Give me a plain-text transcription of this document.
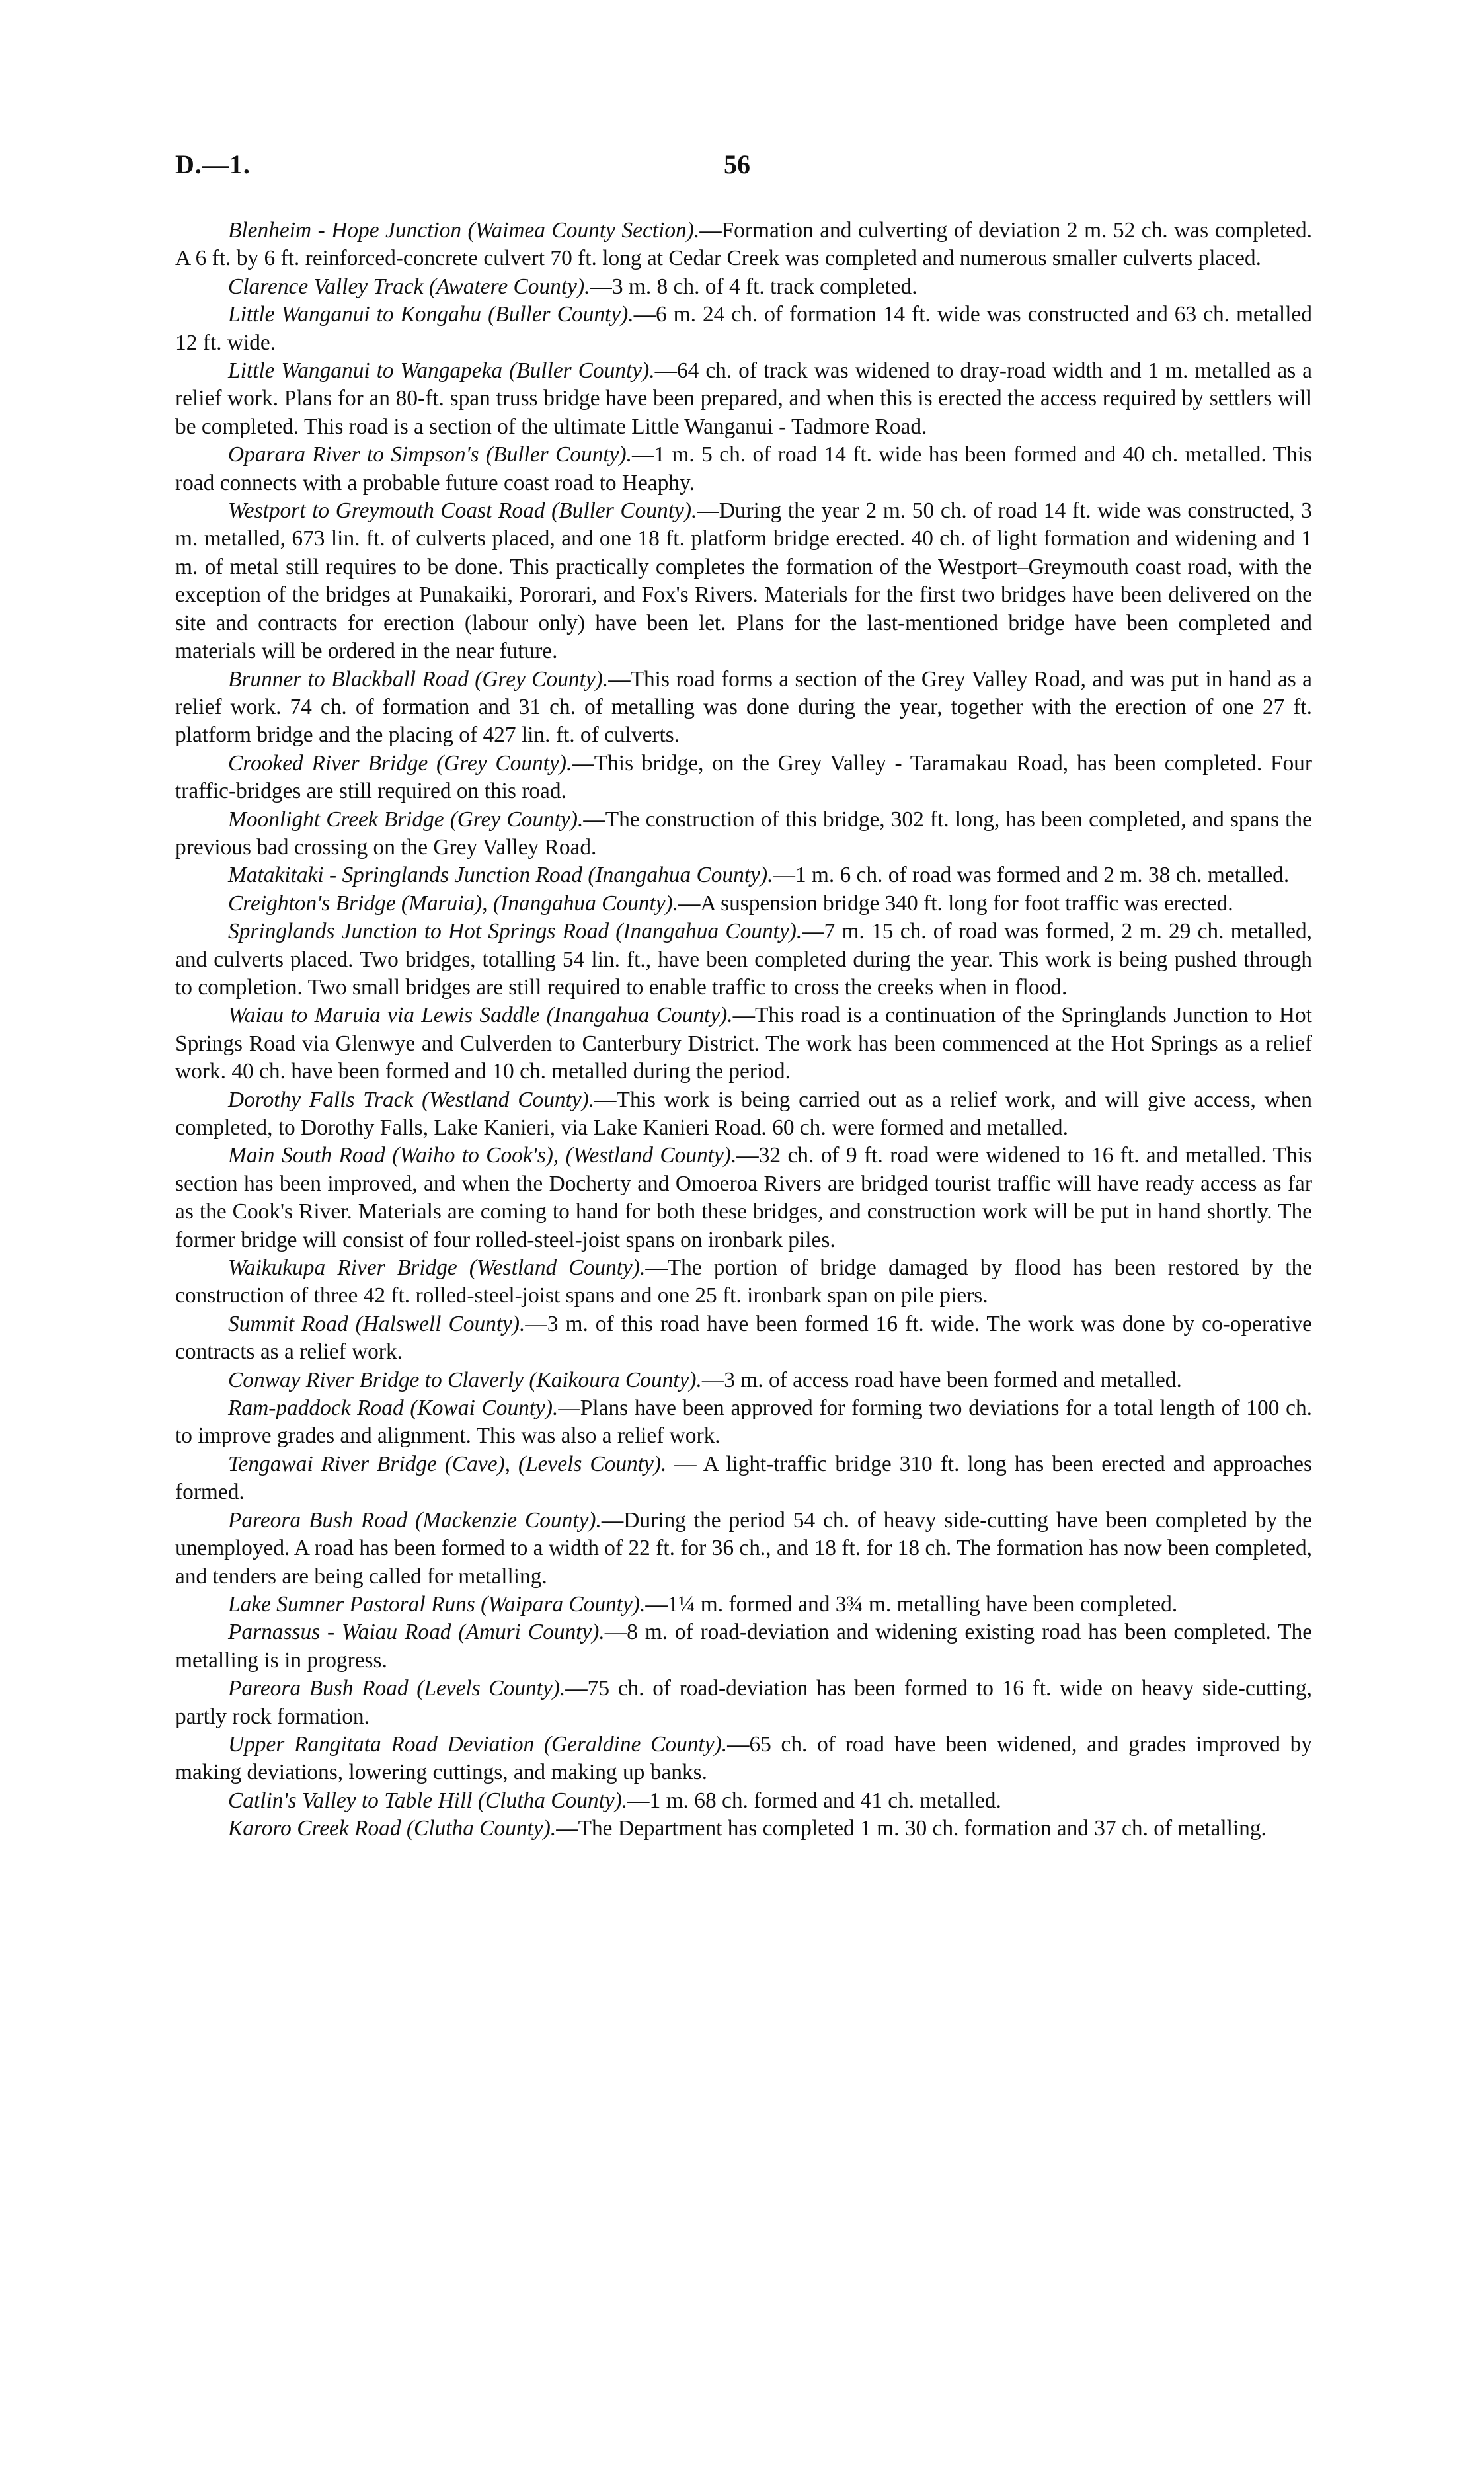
D.—1.	56

Blenheim - Hope Junction (Waimea County Section).—Formation and culverting of deviation 2 m. 52 ch. was completed. A 6 ft. by 6 ft. reinforced-concrete culvert 70 ft. long at Cedar Creek was completed and numerous smaller culverts placed.

Clarence Valley Track (Awatere County).—3 m. 8 ch. of 4 ft. track completed.

Little Wanganui to Kongahu (Buller County).—6 m. 24 ch. of formation 14 ft. wide was constructed and 63 ch. metalled 12 ft. wide.

Little Wanganui to Wangapeka (Buller County).—64 ch. of track was widened to dray-road width and 1 m. metalled as a relief work. Plans for an 80-ft. span truss bridge have been prepared, and when this is erected the access required by settlers will be completed. This road is a section of the ultimate Little Wanganui - Tadmore Road.

Oparara River to Simpson's (Buller County).—1 m. 5 ch. of road 14 ft. wide has been formed and 40 ch. metalled. This road connects with a probable future coast road to Heaphy.

Westport to Greymouth Coast Road (Buller County).—During the year 2 m. 50 ch. of road 14 ft. wide was constructed, 3 m. metalled, 673 lin. ft. of culverts placed, and one 18 ft. platform bridge erected. 40 ch. of light formation and widening and 1 m. of metal still requires to be done. This practically completes the formation of the Westport–Greymouth coast road, with the exception of the bridges at Punakaiki, Pororari, and Fox's Rivers. Materials for the first two bridges have been delivered on the site and contracts for erection (labour only) have been let. Plans for the last-mentioned bridge have been completed and materials will be ordered in the near future.

Brunner to Blackball Road (Grey County).—This road forms a section of the Grey Valley Road, and was put in hand as a relief work. 74 ch. of formation and 31 ch. of metalling was done during the year, together with the erection of one 27 ft. platform bridge and the placing of 427 lin. ft. of culverts.

Crooked River Bridge (Grey County).—This bridge, on the Grey Valley - Taramakau Road, has been completed. Four traffic-bridges are still required on this road.

Moonlight Creek Bridge (Grey County).—The construction of this bridge, 302 ft. long, has been completed, and spans the previous bad crossing on the Grey Valley Road.

Matakitaki - Springlands Junction Road (Inangahua County).—1 m. 6 ch. of road was formed and 2 m. 38 ch. metalled.

Creighton's Bridge (Maruia), (Inangahua County).—A suspension bridge 340 ft. long for foot traffic was erected.

Springlands Junction to Hot Springs Road (Inangahua County).—7 m. 15 ch. of road was formed, 2 m. 29 ch. metalled, and culverts placed. Two bridges, totalling 54 lin. ft., have been completed during the year. This work is being pushed through to completion. Two small bridges are still required to enable traffic to cross the creeks when in flood.

Waiau to Maruia via Lewis Saddle (Inangahua County).—This road is a continuation of the Springlands Junction to Hot Springs Road via Glenwye and Culverden to Canterbury District. The work has been commenced at the Hot Springs as a relief work. 40 ch. have been formed and 10 ch. metalled during the period.

Dorothy Falls Track (Westland County).—This work is being carried out as a relief work, and will give access, when completed, to Dorothy Falls, Lake Kanieri, via Lake Kanieri Road. 60 ch. were formed and metalled.

Main South Road (Waiho to Cook's), (Westland County).—32 ch. of 9 ft. road were widened to 16 ft. and metalled. This section has been improved, and when the Docherty and Omoeroa Rivers are bridged tourist traffic will have ready access as far as the Cook's River. Materials are coming to hand for both these bridges, and construction work will be put in hand shortly. The former bridge will consist of four rolled-steel-joist spans on ironbark piles.

Waikukupa River Bridge (Westland County).—The portion of bridge damaged by flood has been restored by the construction of three 42 ft. rolled-steel-joist spans and one 25 ft. ironbark span on pile piers.

Summit Road (Halswell County).—3 m. of this road have been formed 16 ft. wide. The work was done by co-operative contracts as a relief work.

Conway River Bridge to Claverly (Kaikoura County).—3 m. of access road have been formed and metalled.

Ram-paddock Road (Kowai County).—Plans have been approved for forming two deviations for a total length of 100 ch. to improve grades and alignment. This was also a relief work.

Tengawai River Bridge (Cave), (Levels County). — A light-traffic bridge 310 ft. long has been erected and approaches formed.

Pareora Bush Road (Mackenzie County).—During the period 54 ch. of heavy side-cutting have been completed by the unemployed. A road has been formed to a width of 22 ft. for 36 ch., and 18 ft. for 18 ch. The formation has now been completed, and tenders are being called for metalling.

Lake Sumner Pastoral Runs (Waipara County).—1¼ m. formed and 3¾ m. metalling have been completed.

Parnassus - Waiau Road (Amuri County).—8 m. of road-deviation and widening existing road has been completed. The metalling is in progress.

Pareora Bush Road (Levels County).—75 ch. of road-deviation has been formed to 16 ft. wide on heavy side-cutting, partly rock formation.

Upper Rangitata Road Deviation (Geraldine County).—65 ch. of road have been widened, and grades improved by making deviations, lowering cuttings, and making up banks.

Catlin's Valley to Table Hill (Clutha County).—1 m. 68 ch. formed and 41 ch. metalled.

Karoro Creek Road (Clutha County).—The Department has completed 1 m. 30 ch. formation and 37 ch. of metalling.
